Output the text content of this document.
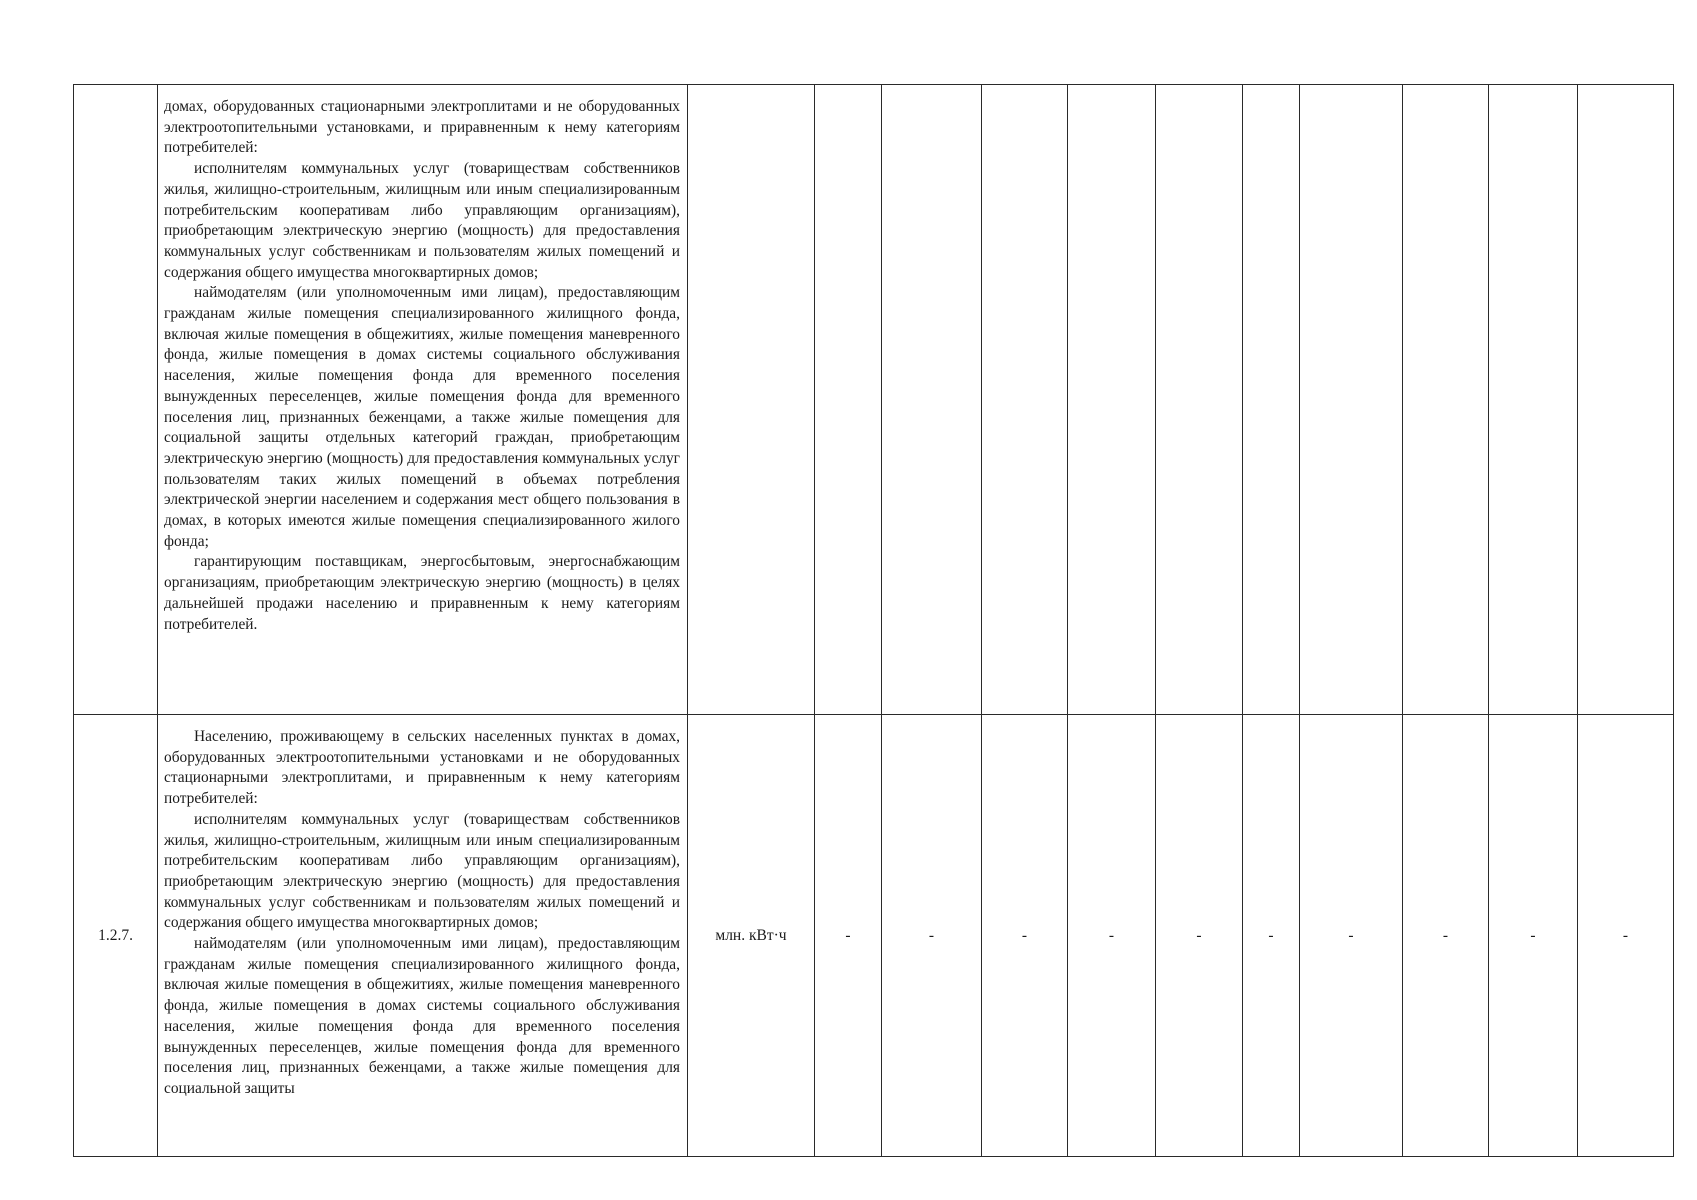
	домах, оборудованных стационарными электроплитами и не оборудованных электроотопительными установками, и приравненным к нему категориям потребителей:

исполнителям коммунальных услуг (товариществам собственников жилья, жилищно-строительным, жилищным или иным специализированным потребительским кооперативам либо управляющим организациям), приобретающим электрическую энергию (мощность) для предоставления коммунальных услуг собственникам и пользователям жилых помещений и содержания общего имущества многоквартирных домов;

наймодателям (или уполномоченным ими лицам), предоставляющим гражданам жилые помещения специализированного жилищного фонда, включая жилые помещения в общежитиях, жилые помещения маневренного фонда, жилые помещения в домах системы социального обслуживания населения, жилые помещения фонда для временного поселения вынужденных переселенцев, жилые помещения фонда для временного поселения лиц, признанных беженцами, а также жилые помещения для социальной защиты отдельных категорий граждан, приобретающим электрическую энергию (мощность) для предоставления коммунальных услуг пользователям таких жилых помещений в объемах потребления электрической энергии населением и содержания мест общего пользования в домах, в которых имеются жилые помещения специализированного жилого фонда;

гарантирующим поставщикам, энергосбытовым, энергоснабжающим организациям, приобретающим электрическую энергию (мощность) в целях дальнейшей продажи населению и приравненным к нему категориям потребителей.											

1.2.7.	Населению, проживающему в сельских населенных пунктах в домах, оборудованных электроотопительными установками и не оборудованных стационарными электроплитами, и приравненным к нему категориям потребителей:

исполнителям коммунальных услуг (товариществам собственников жилья, жилищно-строительным, жилищным или иным специализированным потребительским кооперативам либо управляющим организациям), приобретающим электрическую энергию (мощность) для предоставления коммунальных услуг собственникам и пользователям жилых помещений и содержания общего имущества многоквартирных домов;

наймодателям (или уполномоченным ими лицам), предоставляющим гражданам жилые помещения специализированного жилищного фонда, включая жилые помещения в общежитиях, жилые помещения маневренного фонда, жилые помещения в домах системы социального обслуживания населения, жилые помещения фонда для временного поселения вынужденных переселенцев, жилые помещения фонда для временного поселения лиц, признанных беженцами, а также жилые помещения для социальной защиты	млн. кВт·ч	-	-	-	-	-	-	-	-	-	-
